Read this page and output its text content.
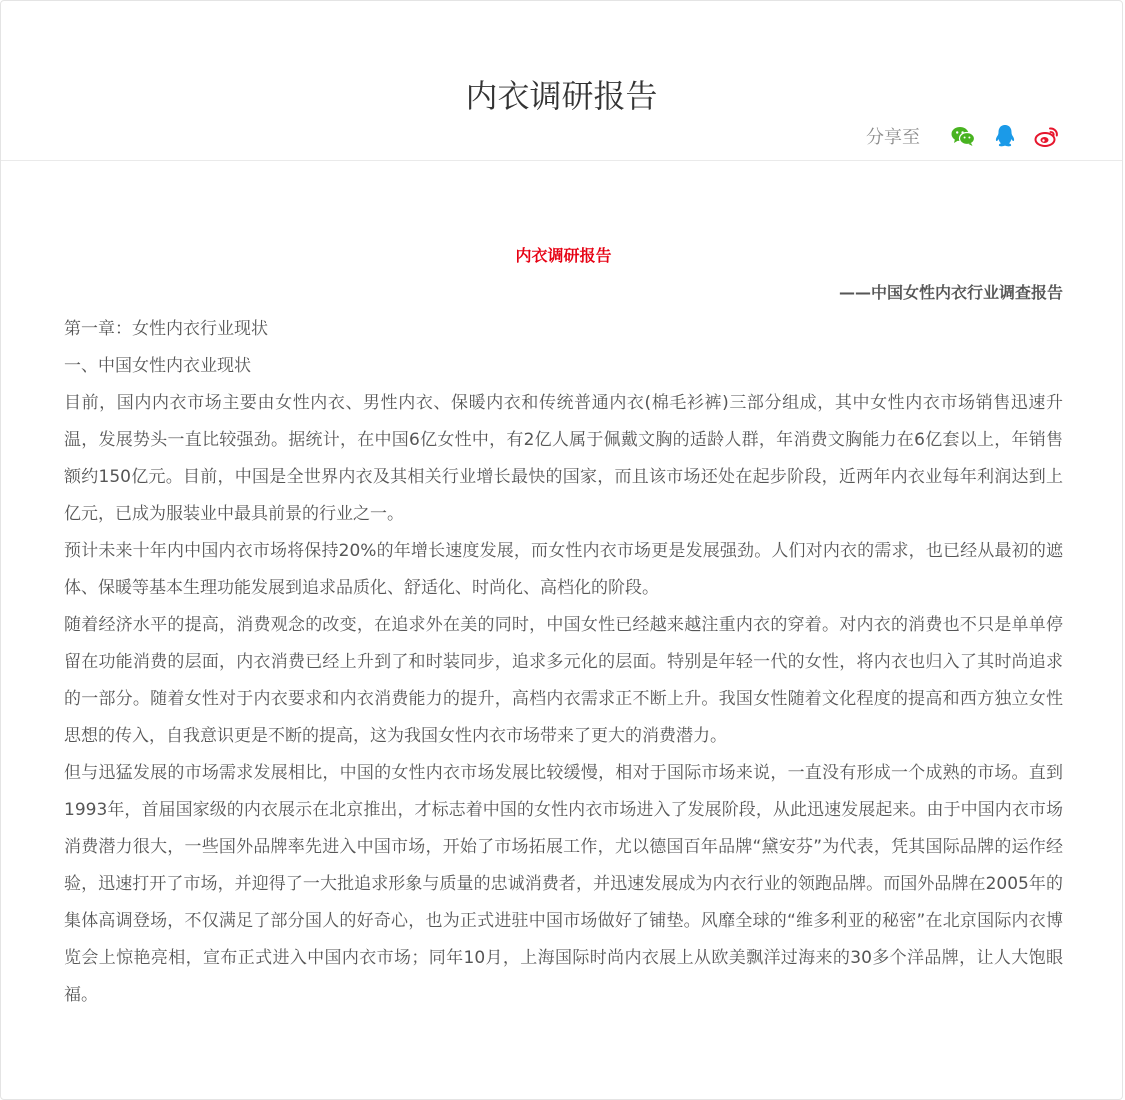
内衣调研报告
分享至

内衣调研报告

——中国女性内衣行业调查报告

第一章：女性内衣行业现状

一、中国女性内衣业现状

目前，国内内衣市场主要由女性内衣、男性内衣、保暖内衣和传统普通内衣(棉毛衫裤)三部分组成，其中女性内衣市场销售迅速升温，发展势头一直比较强劲。据统计，在中国6亿女性中，有2亿人属于佩戴文胸的适龄人群，年消费文胸能力在6亿套以上，年销售额约150亿元。目前，中国是全世界内衣及其相关行业增长最快的国家，而且该市场还处在起步阶段，近两年内衣业每年利润达到上亿元，已成为服装业中最具前景的行业之一。

预计未来十年内中国内衣市场将保持20%的年增长速度发展，而女性内衣市场更是发展强劲。人们对内衣的需求，也已经从最初的遮体、保暖等基本生理功能发展到追求品质化、舒适化、时尚化、高档化的阶段。

随着经济水平的提高，消费观念的改变，在追求外在美的同时，中国女性已经越来越注重内衣的穿着。对内衣的消费也不只是单单停留在功能消费的层面，内衣消费已经上升到了和时装同步，追求多元化的层面。特别是年轻一代的女性，将内衣也归入了其时尚追求的一部分。随着女性对于内衣要求和内衣消费能力的提升，高档内衣需求正不断上升。我国女性随着文化程度的提高和西方独立女性思想的传入，自我意识更是不断的提高，这为我国女性内衣市场带来了更大的消费潜力。

但与迅猛发展的市场需求发展相比，中国的女性内衣市场发展比较缓慢，相对于国际市场来说，一直没有形成一个成熟的市场。直到1993年，首届国家级的内衣展示在北京推出，才标志着中国的女性内衣市场进入了发展阶段，从此迅速发展起来。由于中国内衣市场消费潜力很大，一些国外品牌率先进入中国市场，开始了市场拓展工作，尤以德国百年品牌“黛安芬”为代表，凭其国际品牌的运作经验，迅速打开了市场，并迎得了一大批追求形象与质量的忠诚消费者，并迅速发展成为内衣行业的领跑品牌。而国外品牌在2005年的集体高调登场，不仅满足了部分国人的好奇心，也为正式进驻中国市场做好了铺垫。风靡全球的“维多利亚的秘密”在北京国际内衣博览会上惊艳亮相，宣布正式进入中国内衣市场；同年10月，上海国际时尚内衣展上从欧美飘洋过海来的30多个洋品牌，让人大饱眼福。
